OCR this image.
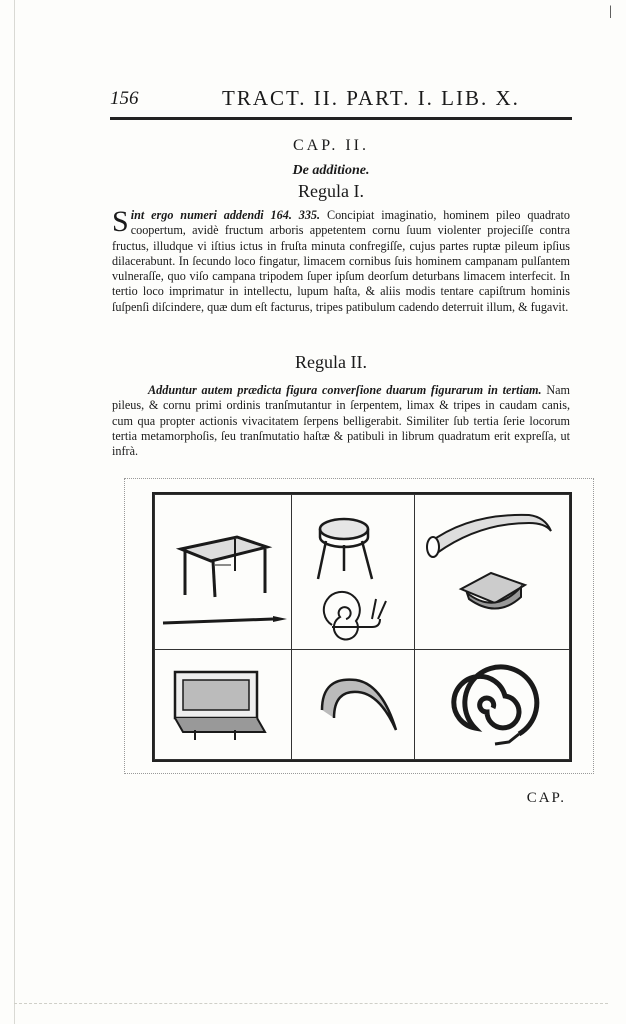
|
156	TRACT. II. PART. I. LIB. X.
CAP. II.
De additione.
Regula I.
Sint ergo numeri addendi 164. 335. Concipiat imaginatio, hominem pileo quadrato coopertum, avidè fructum arboris appetentem cornu ſuum violenter projeciſſe contra fructus, illudque vi iſtius ictus in fruſta minuta confregiſſe, cujus partes ruptæ pileum ipſius dilacerabunt. In ſecundo loco fingatur, limacem cornibus ſuis hominem campanam pulſantem vulneraſſe, quo viſo campana tripodem ſuper ipſum deorſum deturbans limacem interfecit. In tertio loco imprimatur in intellectu, lupum haſta, & aliis modis tentare capiſtrum hominis ſuſpenſi diſcindere, quæ dum eſt facturus, tripes patibulum cadendo deterruit illum, & fugavit.
Regula II.
Adduntur autem prædicta figura converſione duarum figurarum in tertiam. Nam pileus, & cornu primi ordinis tranſmutantur in ſerpentem, limax & tripes in caudam canis, cum qua propter actionis vivacitatem ſerpens belligerabit. Similiter ſub tertia ſerie locorum tertia metamorphoſis, ſeu tranſmutatio haſtæ & patibuli in librum quadratum erit expreſſa, ut infrà.
CAP.
